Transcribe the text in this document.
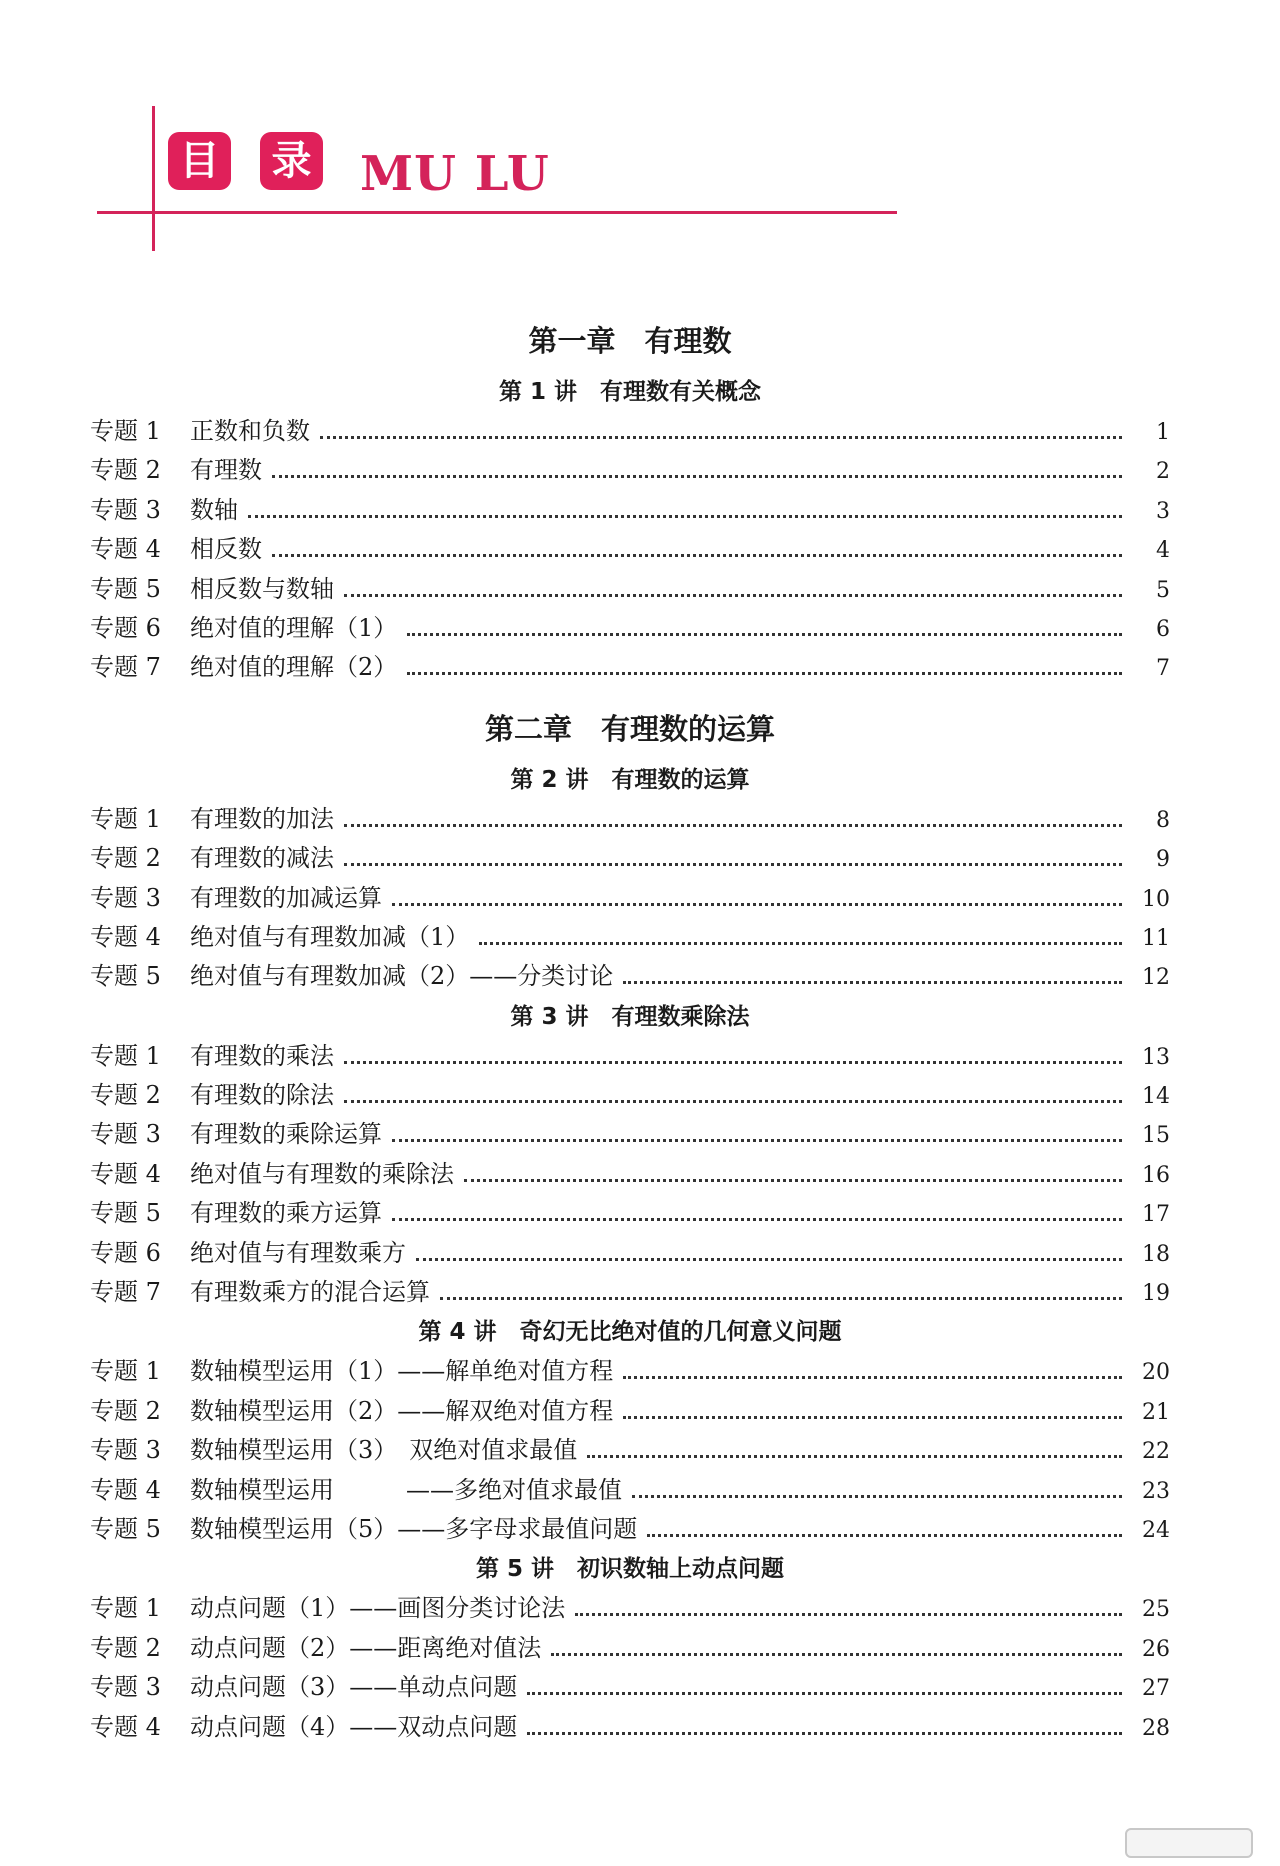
目 录 MU LU
第一章　有理数
第 1 讲　有理数有关概念
专题 1	正数和负数	1
专题 2	有理数	2
专题 3	数轴	3
专题 4	相反数	4
专题 5	相反数与数轴	5
专题 6	绝对值的理解（1）	6
专题 7	绝对值的理解（2）	7
第二章　有理数的运算
第 2 讲　有理数的运算
专题 1	有理数的加法	8
专题 2	有理数的减法	9
专题 3	有理数的加减运算	10
专题 4	绝对值与有理数加减（1）	11
专题 5	绝对值与有理数加减（2）——分类讨论	12
第 3 讲　有理数乘除法
专题 1	有理数的乘法	13
专题 2	有理数的除法	14
专题 3	有理数的乘除运算	15
专题 4	绝对值与有理数的乘除法	16
专题 5	有理数的乘方运算	17
专题 6	绝对值与有理数乘方	18
专题 7	有理数乘方的混合运算	19
第 4 讲　奇幻无比绝对值的几何意义问题
专题 1	数轴模型运用（1）——解单绝对值方程	20
专题 2	数轴模型运用（2）——解双绝对值方程	21
专题 3	数轴模型运用（3）　双绝对值求最值	22
专题 4	数轴模型运用　　　——多绝对值求最值	23
专题 5	数轴模型运用（5）——多字母求最值问题	24
第 5 讲　初识数轴上动点问题
专题 1	动点问题（1）——画图分类讨论法	25
专题 2	动点问题（2）——距离绝对值法	26
专题 3	动点问题（3）——单动点问题	27
专题 4	动点问题（4）——双动点问题	28
